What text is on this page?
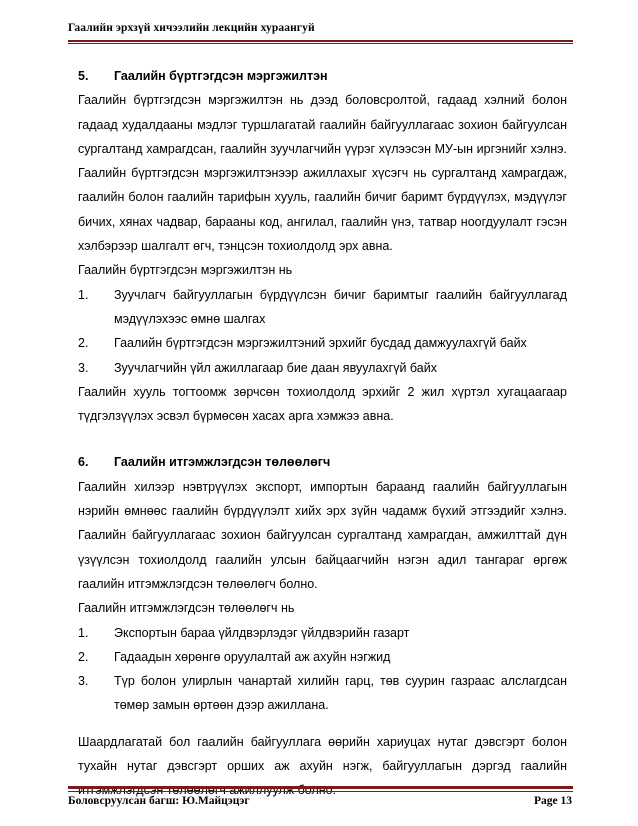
Гаалийн эрхзүй хичээлийн лекцийн хураангуй

5.	Гаалийн бүртгэгдсэн мэргэжилтэн

Гаалийн бүртгэгдсэн мэргэжилтэн нь дээд боловсролтой, гадаад хэлний болон гадаад худалдааны мэдлэг туршлагатай гаалийн байгууллагаас зохион байгуулсан сургалтанд хамрагдсан, гаалийн зуучлагчийн үүрэг хүлээсэн МУ-ын иргэнийг хэлнэ. Гаалийн бүртгэгдсэн мэргэжилтэнээр ажиллахыг хүсэгч нь сургалтанд хамрагдаж, гаалийн болон гаалийн тарифын хууль, гаалийн бичиг баримт бүрдүүлэх, мэдүүлэг бичих, хянах чадвар, барааны код, ангилал, гаалийн үнэ, татвар ноогдуулалт гэсэн хэлбэрээр шалгалт өгч, тэнцсэн тохиолдолд эрх авна.

Гаалийн бүртгэгдсэн мэргэжилтэн нь

1.	Зуучлагч байгууллагын бүрдүүлсэн бичиг баримтыг гаалийн байгууллагад мэдүүлэхээс өмнө шалгах
2.	Гаалийн бүртгэгдсэн мэргэжилтэний эрхийг бусдад дамжуулахгүй байх
3.	Зуучлагчийн үйл ажиллагаар бие даан явуулахгүй байх

Гаалийн хууль тогтоомж зөрчсөн тохиолдолд эрхийг 2 жил хүртэл хугацаагаар түдгэлзүүлэх эсвэл бүрмөсөн хасах арга хэмжээ авна.

6.	Гаалийн итгэмжлэгдсэн төлөөлөгч

Гаалийн хилээр нэвтрүүлэх экспорт, импортын бараанд гаалийн байгууллагын нэрийн өмнөөс гаалийн бүрдүүлэлт хийх эрх зүйн чадамж бүхий этгээдийг хэлнэ. Гаалийн байгууллагаас зохион байгуулсан сургалтанд хамрагдан, амжилттай дүн үзүүлсэн тохиолдолд гаалийн улсын байцаагчийн нэгэн адил тангараг өргөж гаалийн итгэмжлэгдсэн төлөөлөгч болно.

Гаалийн итгэмжлэгдсэн төлөөлөгч нь

1.	Экспортын бараа үйлдвэрлэдэг үйлдвэрийн газарт
2.	Гадаадын хөрөнгө оруулалтай аж ахуйн нэгжид
3.	Түр болон улирлын чанартай хилийн гарц, төв суурин газраас алслагдсан төмөр замын өртөөн дээр ажиллана.

Шаардлагатай бол гаалийн байгууллага өөрийн хариуцах нутаг дэвсгэрт болон тухайн нутаг дэвсгэрт орших аж ахуйн нэгж, байгууллагын дэргэд гаалийн итгэмжлэгдсэн төлөөлөгч ажиллуулж болно.

Боловсруулсан багш: Ю.Майцэцэг	Page 13
